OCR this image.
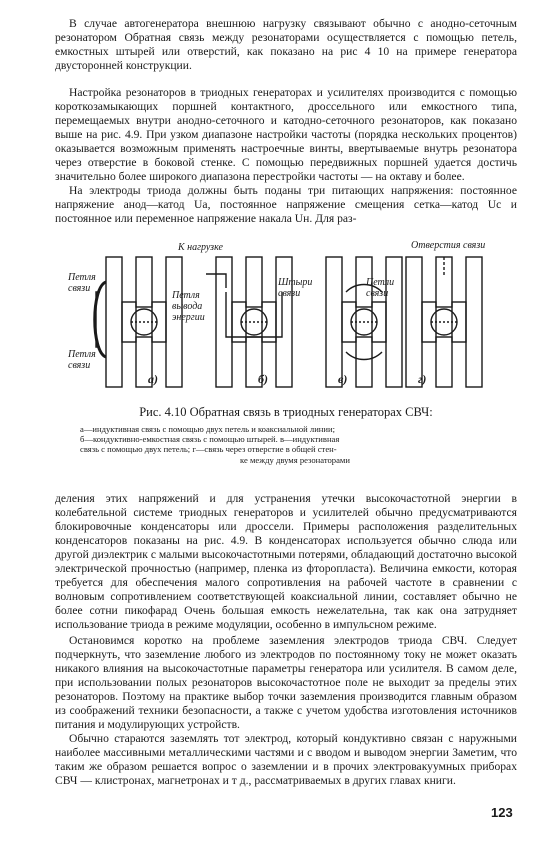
В случае автогенератора внешнюю нагрузку связывают обычно с анодно-сеточным резонатором Обратная связь между резонаторами осуществляется с помощью петель, емкостных штырей или отверстий, как показано на рис 4 10 на примере генератора двусторонней конструкции.

Настройка резонаторов в триодных генераторах и усилителях производится с помощью короткозамыкающих поршней контактного, дроссельного или емкостного типа, перемещаемых внутри анодно-сеточного и катодно-сеточного резонаторов, как показано выше на рис. 4.9. При узком диапазоне настройки частоты (порядка нескольких процентов) оказывается возможным применять настроечные винты, ввертываемые внутрь резонатора через отверстие в боковой стенке. С помощью передвижных поршней удается достичь значительно более широкого диапазона перестройки частоты — на октаву и более.

На электроды триода должны быть поданы три питающих напряжения: постоянное напряжение анод—катод Uа, постоянное напряжение смещения сетка—катод Uс и постоянное или переменное напряжение накала Uн. Для раз-

К нагрузке
Петля связи
Петля вывода энергии
Петля связи
Штыри связи
Петли связи
Отверстия связи
а)	б)	в)	г)
Рис. 4.10 Обратная связь в триодных генераторах СВЧ:
а—индуктивная связь с помощью двух петель и коаксиальной линии;
б—кондуктивно-емкостная связь с помощью штырей. в—индуктивная
связь с помощью двух петель; г—связь через отверстие в общей стен-
ке между двумя резонаторами

деления этих напряжений и для устранения утечки высокочастотной энергии в колебательной системе триодных генераторов и усилителей обычно предусматриваются блокировочные конденсаторы или дроссели. Примеры расположения разделительных конденсаторов показаны на рис. 4.9. В конденсаторах используется обычно слюда или другой диэлектрик с малыми высокочастотными потерями, обладающий достаточно высокой электрической прочностью (например, пленка из фторопласта). Величина емкости, которая требуется для обеспечения малого сопротивления на рабочей частоте в сравнении с волновым сопротивлением соответствующей коаксиальной линии, составляет обычно не более сотни пикофарад Очень большая емкость нежелательна, так как она затрудняет использование триода в режиме модуляции, особенно в импульсном режиме.

Остановимся коротко на проблеме заземления электродов триода СВЧ. Следует подчеркнуть, что заземление любого из электродов по постоянному току не может оказать никакого влияния на высокочастотные параметры генератора или усилителя. В самом деле, при использовании полых резонаторов высокочастотное поле не выходит за пределы этих резонаторов. Поэтому на практике выбор точки заземления производится главным образом из соображений техники безопасности, а также с учетом удобства изготовления источников питания и модулирующих устройств.

Обычно стараются заземлять тот электрод, который кондуктивно связан с наружными наиболее массивными металлическими частями и с вводом и выводом энергии Заметим, что таким же образом решается вопрос о заземлении и в прочих электровакуумных приборах СВЧ — клистронах, магнетронах и т д., рассматриваемых в других главах книги.

123
